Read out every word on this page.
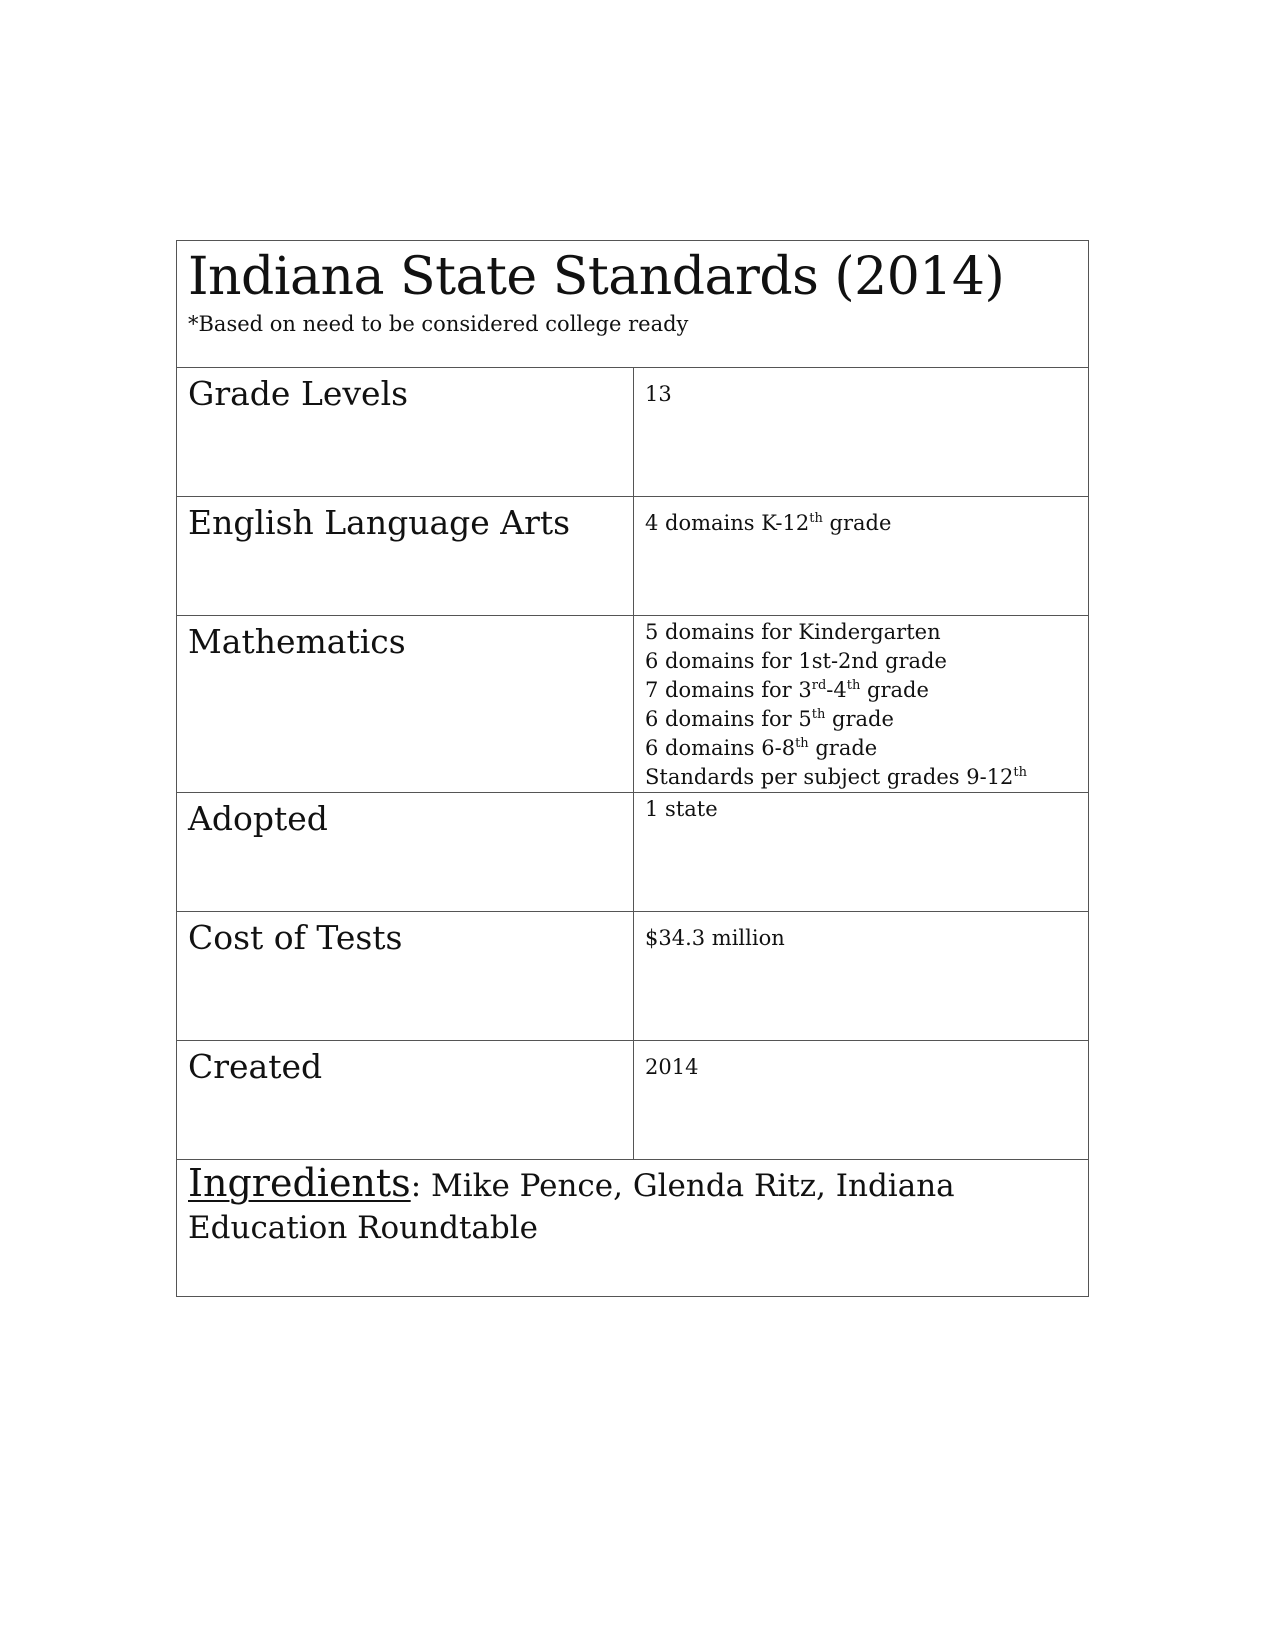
Indiana State Standards (2014)
*Based on need to be considered college ready
Grade Levels	13
English Language Arts	4 domains K-12th grade
Mathematics	5 domains for Kindergarten
6 domains for 1st-2nd grade
7 domains for 3rd-4th grade
6 domains for 5th grade
6 domains 6-8th grade
Standards per subject grades 9-12th
Adopted	1 state
Cost of Tests	$34.3 million
Created	2014
Ingredients: Mike Pence, Glenda Ritz, Indiana Education Roundtable
